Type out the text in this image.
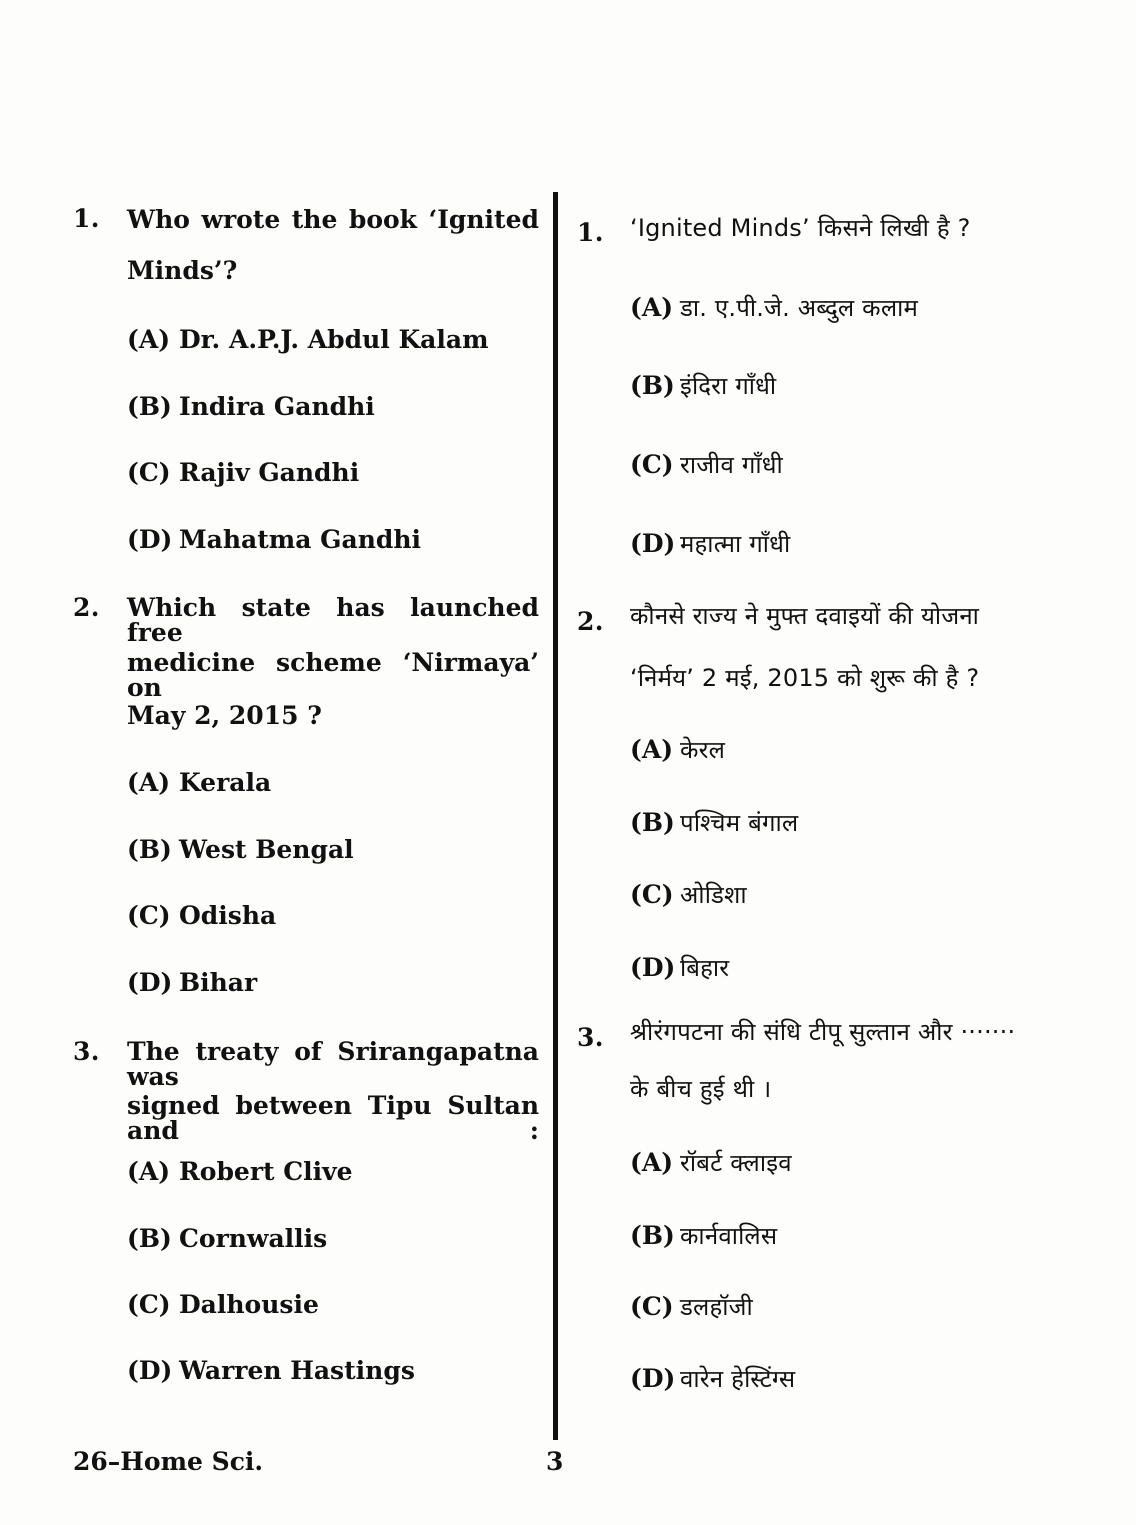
1. Who wrote the book ‘Ignited
Minds’?
(A) Dr. A.P.J. Abdul Kalam
(B) Indira Gandhi
(C) Rajiv Gandhi
(D) Mahatma Gandhi
2. Which state has launched free
medicine scheme ‘Nirmaya’ on
May 2, 2015 ?
(A) Kerala
(B) West Bengal
(C) Odisha
(D) Bihar
3. The treaty of Srirangapatna was
signed between Tipu Sultan and :
(A) Robert Clive
(B) Cornwallis
(C) Dalhousie
(D) Warren Hastings
1. ‘Ignited Minds’ किसने लिखी है ?
(A) डा. ए.पी.जे. अब्दुल कलाम
(B) इंदिरा गाँधी
(C) राजीव गाँधी
(D) महात्मा गाँधी
2. कौनसे राज्य ने मुफ्त दवाइयों की योजना
‘निर्मय’ 2 मई, 2015 को शुरू की है ?
(A) केरल
(B) पश्चिम बंगाल
(C) ओडिशा
(D) बिहार
3. श्रीरंगपटना की संधि टीपू सुल्तान और ·······
के बीच हुई थी ।
(A) रॉबर्ट क्लाइव
(B) कार्नवालिस
(C) डलहॉजी
(D) वारेन हेस्टिंग्स
26–Home Sci.	3
